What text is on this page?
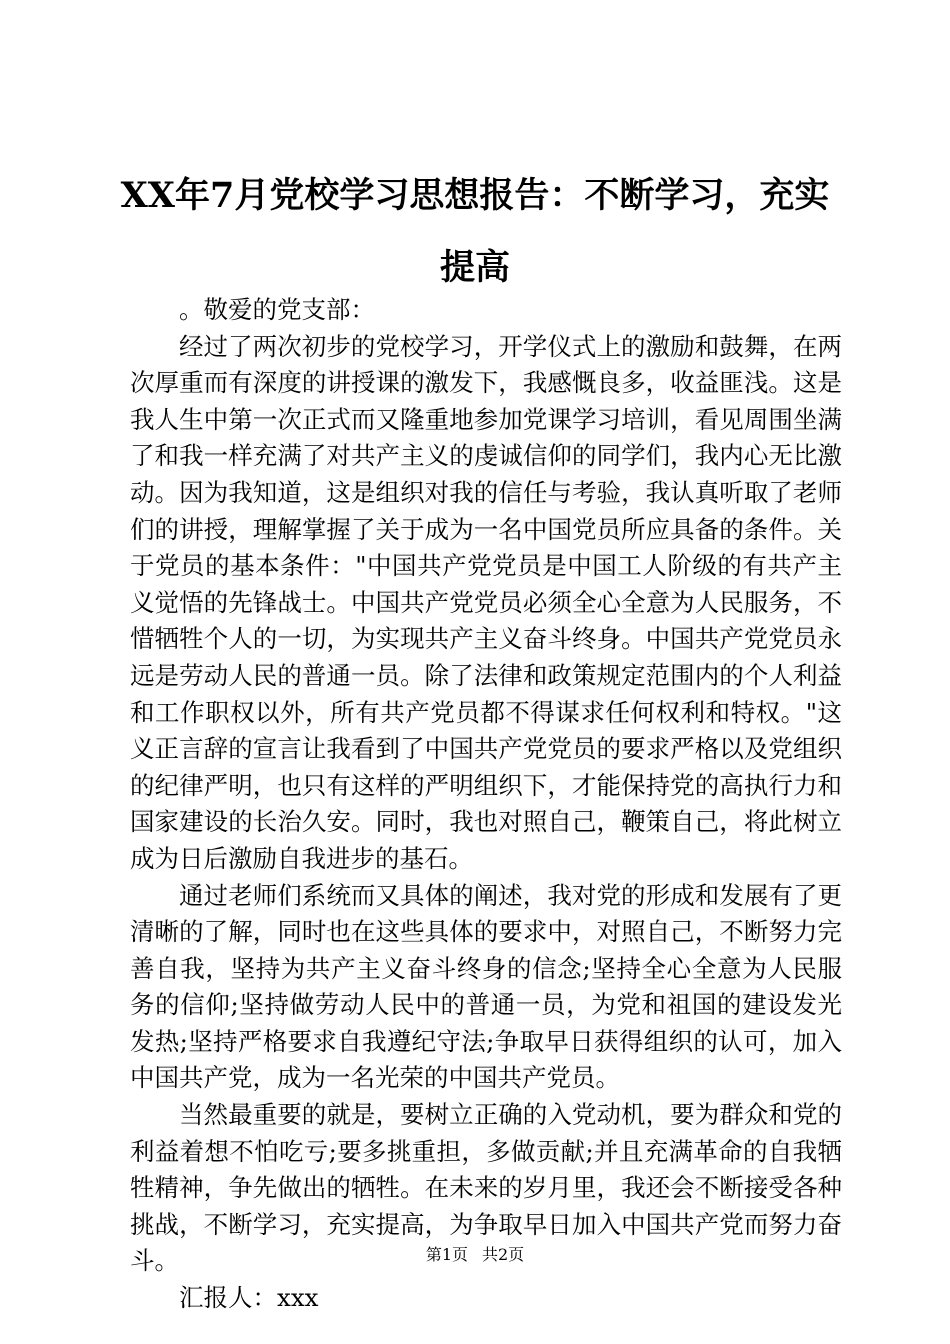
XX年7月党校学习思想报告：不断学习，充实提高

。敬爱的党支部：

经过了两次初步的党校学习，开学仪式上的激励和鼓舞，在两次厚重而有深度的讲授课的激发下，我感慨良多，收益匪浅。这是我人生中第一次正式而又隆重地参加党课学习培训，看见周围坐满了和我一样充满了对共产主义的虔诚信仰的同学们，我内心无比激动。因为我知道，这是组织对我的信任与考验，我认真听取了老师们的讲授，理解掌握了关于成为一名中国党员所应具备的条件。关于党员的基本条件："中国共产党党员是中国工人阶级的有共产主义觉悟的先锋战士。中国共产党党员必须全心全意为人民服务，不惜牺牲个人的一切，为实现共产主义奋斗终身。中国共产党党员永远是劳动人民的普通一员。除了法律和政策规定范围内的个人利益和工作职权以外，所有共产党员都不得谋求任何权利和特权。"这义正言辞的宣言让我看到了中国共产党党员的要求严格以及党组织的纪律严明，也只有这样的严明组织下，才能保持党的高执行力和国家建设的长治久安。同时，我也对照自己，鞭策自己，将此树立成为日后激励自我进步的基石。

通过老师们系统而又具体的阐述，我对党的形成和发展有了更清晰的了解，同时也在这些具体的要求中，对照自己，不断努力完善自我，坚持为共产主义奋斗终身的信念;坚持全心全意为人民服务的信仰;坚持做劳动人民中的普通一员，为党和祖国的建设发光发热;坚持严格要求自我遵纪守法;争取早日获得组织的认可，加入中国共产党，成为一名光荣的中国共产党员。

当然最重要的就是，要树立正确的入党动机，要为群众和党的利益着想不怕吃亏;要多挑重担，多做贡献;并且充满革命的自我牺牲精神，争先做出的牺牲。在未来的岁月里，我还会不断接受各种挑战，不断学习，充实提高，为争取早日加入中国共产党而努力奋斗。

汇报人：xxx

第1页 共2页
